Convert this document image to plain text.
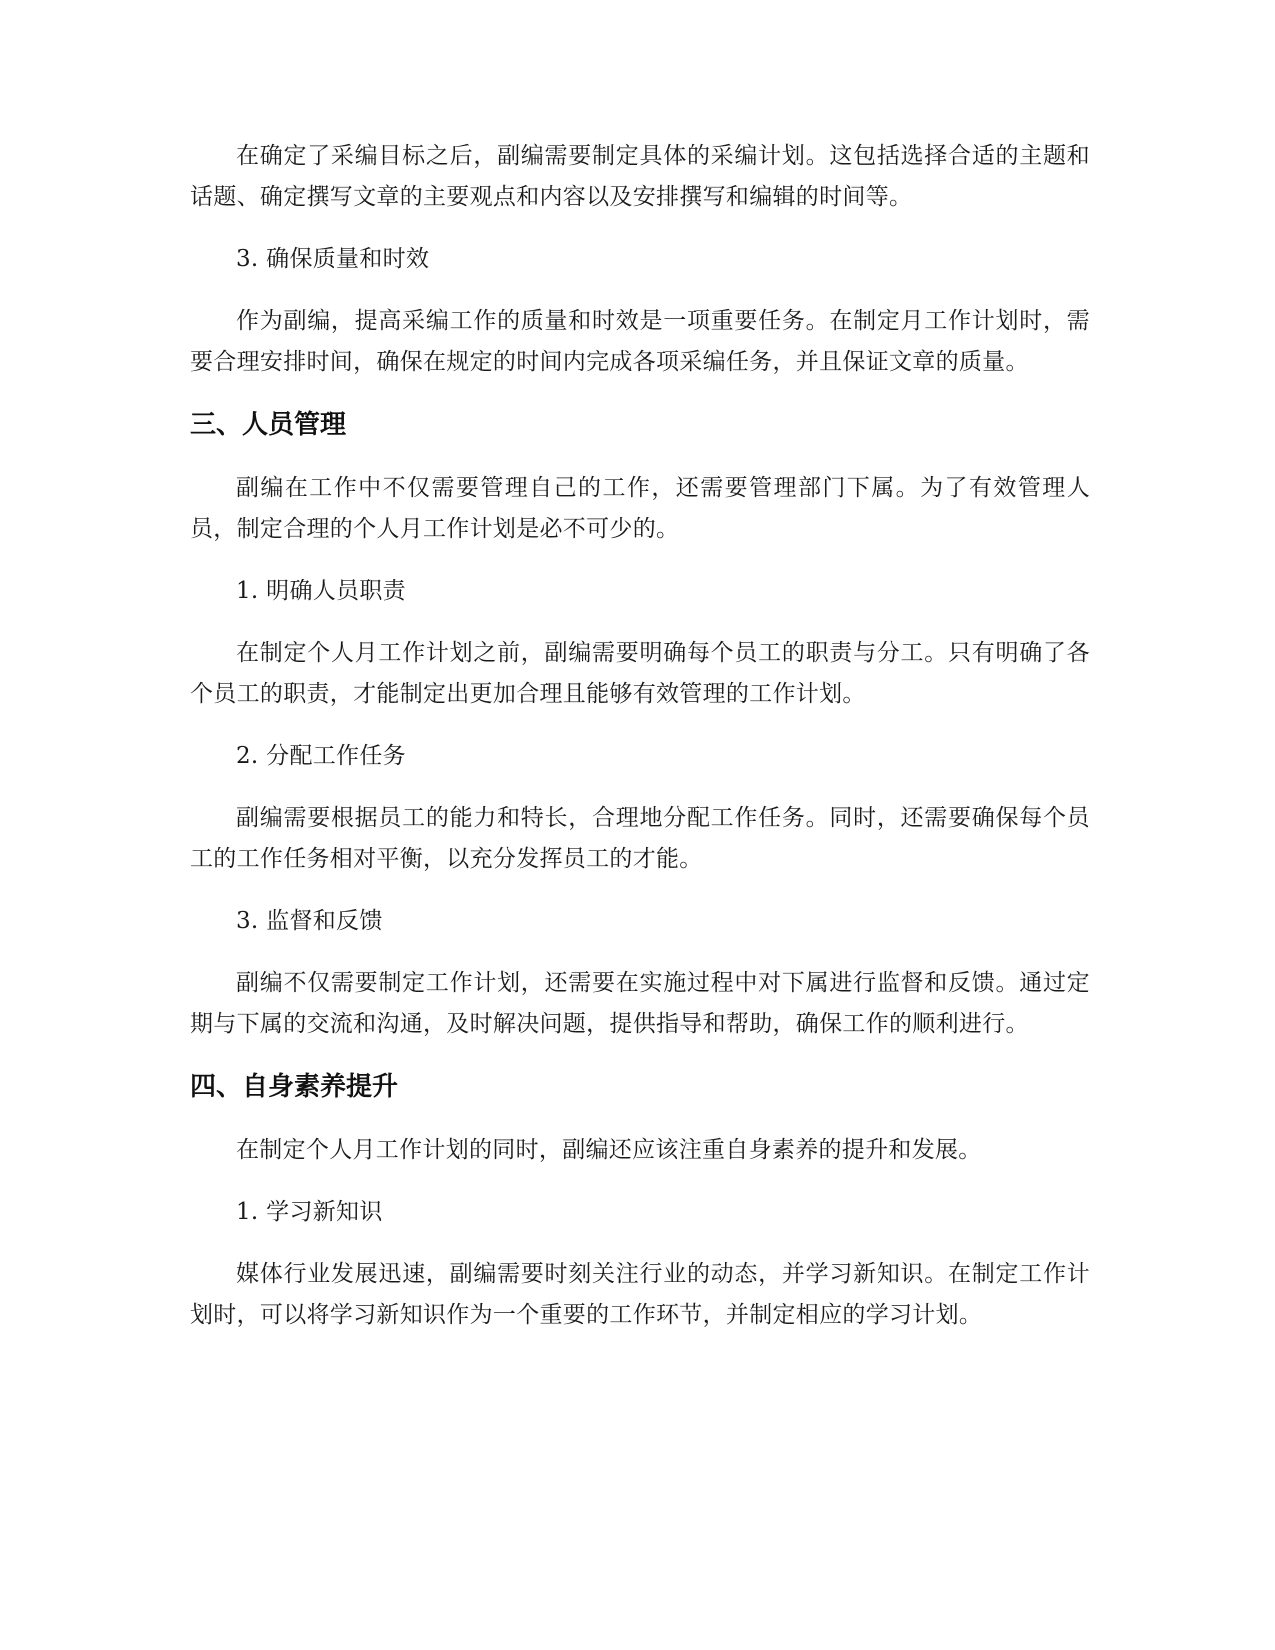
在确定了采编目标之后，副编需要制定具体的采编计划。这包括选择合适的主题和话题、确定撰写文章的主要观点和内容以及安排撰写和编辑的时间等。

3. 确保质量和时效

作为副编，提高采编工作的质量和时效是一项重要任务。在制定月工作计划时，需要合理安排时间，确保在规定的时间内完成各项采编任务，并且保证文章的质量。

三、人员管理

副编在工作中不仅需要管理自己的工作，还需要管理部门下属。为了有效管理人员，制定合理的个人月工作计划是必不可少的。

1. 明确人员职责

在制定个人月工作计划之前，副编需要明确每个员工的职责与分工。只有明确了各个员工的职责，才能制定出更加合理且能够有效管理的工作计划。

2. 分配工作任务

副编需要根据员工的能力和特长，合理地分配工作任务。同时，还需要确保每个员工的工作任务相对平衡，以充分发挥员工的才能。

3. 监督和反馈

副编不仅需要制定工作计划，还需要在实施过程中对下属进行监督和反馈。通过定期与下属的交流和沟通，及时解决问题，提供指导和帮助，确保工作的顺利进行。

四、自身素养提升

在制定个人月工作计划的同时，副编还应该注重自身素养的提升和发展。

1. 学习新知识

媒体行业发展迅速，副编需要时刻关注行业的动态，并学习新知识。在制定工作计划时，可以将学习新知识作为一个重要的工作环节，并制定相应的学习计划。
